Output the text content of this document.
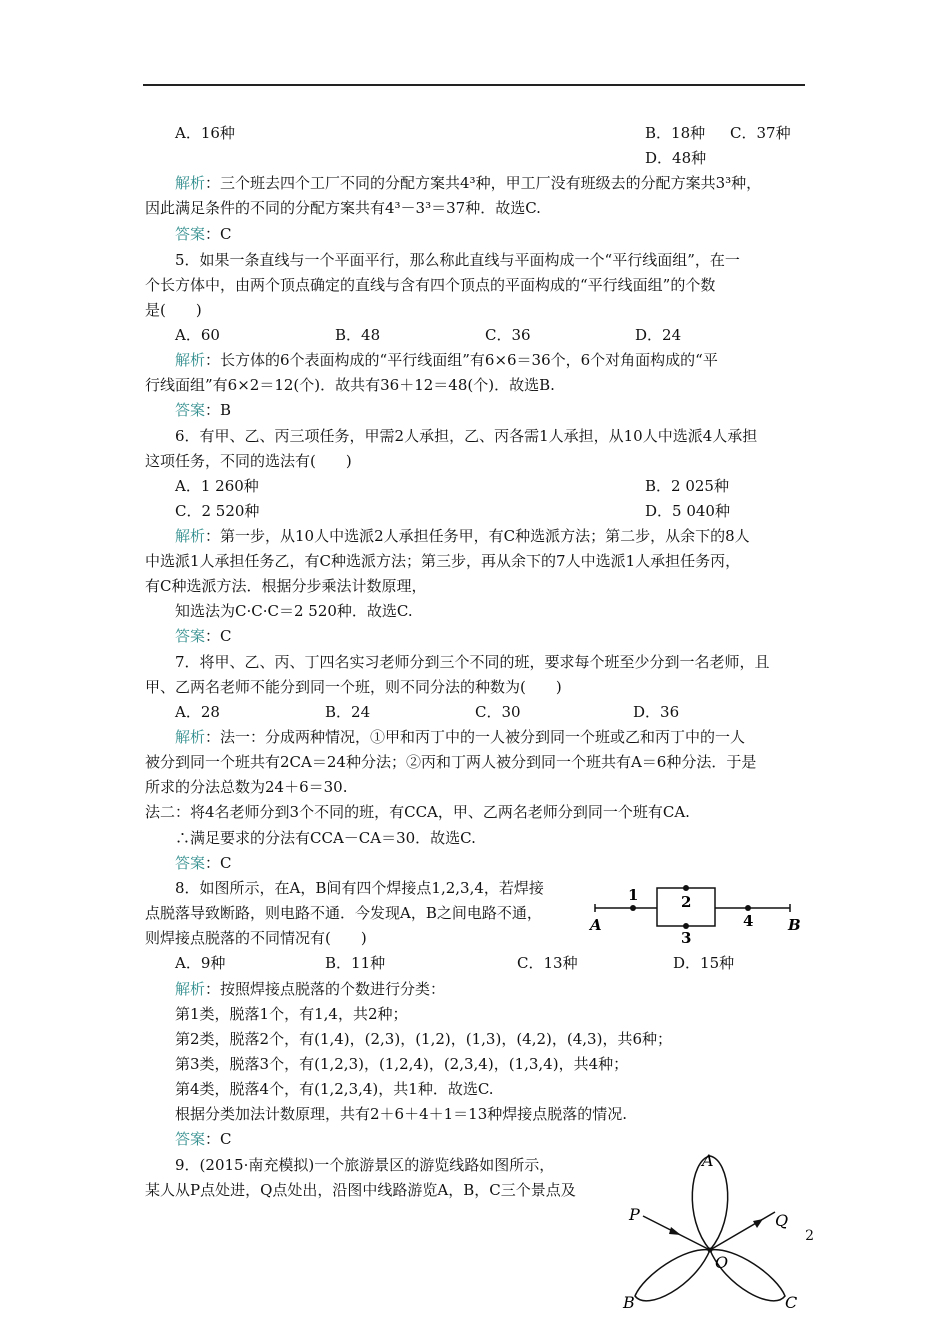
A．16种	B．18种 C．37种
D．48种
解析：三个班去四个工厂不同的分配方案共4³种，甲工厂没有班级去的分配方案共3³种，
因此满足条件的不同的分配方案共有4³－3³＝37种．故选C.
答案：C
5．如果一条直线与一个平面平行，那么称此直线与平面构成一个“平行线面组”，在一
个长方体中，由两个顶点确定的直线与含有四个顶点的平面构成的“平行线面组”的个数
是(　　)
A．60	B．48	C．36	D．24
解析：长方体的6个表面构成的“平行线面组”有6×6＝36个，6个对角面构成的“平
行线面组”有6×2＝12(个)．故共有36＋12＝48(个)．故选B.
答案：B
6．有甲、乙、丙三项任务，甲需2人承担，乙、丙各需1人承担，从10人中选派4人承担
这项任务，不同的选法有(　　)
A．1 260种	B．2 025种
C．2 520种	D．5 040种
解析：第一步，从10人中选派2人承担任务甲，有C种选派方法；第二步，从余下的8人
中选派1人承担任务乙，有C种选派方法；第三步，再从余下的7人中选派1人承担任务丙，
有C种选派方法．根据分步乘法计数原理，
知选法为C·C·C＝2 520种．故选C.
答案：C
7．将甲、乙、丙、丁四名实习老师分到三个不同的班，要求每个班至少分到一名老师，且
甲、乙两名老师不能分到同一个班，则不同分法的种数为(　　)
A．28	B．24	C．30	D．36
解析：法一：分成两种情况，①甲和丙丁中的一人被分到同一个班或乙和丙丁中的一人
被分到同一个班共有2CA＝24种分法；②丙和丁两人被分到同一个班共有A＝6种分法．于是
所求的分法总数为24＋6＝30.
法二：将4名老师分到3个不同的班，有CCA，甲、乙两名老师分到同一个班有CA.
∴满足要求的分法有CCA－CA＝30．故选C.
答案：C
8．如图所示，在A，B间有四个焊接点1,2,3,4，若焊接
点脱落导致断路，则电路不通．今发现A，B之间电路不通，
则焊接点脱落的不同情况有(　　)
1	2
3
4
A	B
A．9种	B．11种	C．13种	D．15种
解析：按照焊接点脱落的个数进行分类：
第1类，脱落1个，有1,4，共2种；
第2类，脱落2个，有(1,4)，(2,3)，(1,2)，(1,3)，(4,2)，(4,3)，共6种；
第3类，脱落3个，有(1,2,3)，(1,2,4)，(2,3,4)，(1,3,4)，共4种；
第4类，脱落4个，有(1,2,3,4)，共1种．故选C.
根据分类加法计数原理，共有2＋6＋4＋1＝13种焊接点脱落的情况.
答案：C
9．(2015·南充模拟)一个旅游景区的游览线路如图所示，
某人从P点处进，Q点处出，沿图中线路游览A，B，C三个景点及
A
P	Q
O
B	C
2
